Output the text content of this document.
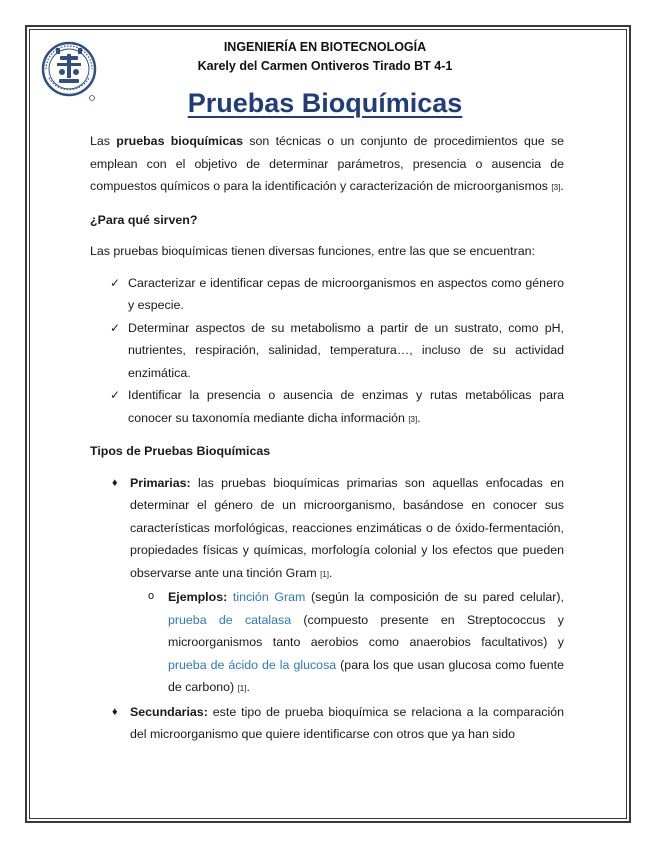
INGENIERÍA EN BIOTECNOLOGÍA
Karely del Carmen Ontiveros Tirado BT 4-1
Pruebas Bioquímicas

Las pruebas bioquímicas son técnicas o un conjunto de procedimientos que se emplean con el objetivo de determinar parámetros, presencia o ausencia de compuestos químicos o para la identificación y caracterización de microorganismos [3].

¿Para qué sirven?

Las pruebas bioquímicas tienen diversas funciones, entre las que se encuentran:

✓ Caracterizar e identificar cepas de microorganismos en aspectos como género y especie.
✓ Determinar aspectos de su metabolismo a partir de un sustrato, como pH, nutrientes, respiración, salinidad, temperatura…, incluso de su actividad enzimática.
✓ Identificar la presencia o ausencia de enzimas y rutas metabólicas para conocer su taxonomía mediante dicha información [3].

Tipos de Pruebas Bioquímicas

♦ Primarias: las pruebas bioquímicas primarias son aquellas enfocadas en determinar el género de un microorganismo, basándose en conocer sus características morfológicas, reacciones enzimáticas o de óxido-fermentación, propiedades físicas y químicas, morfología colonial y los efectos que pueden observarse ante una tinción Gram [1].
o Ejemplos: tinción Gram (según la composición de su pared celular), prueba de catalasa (compuesto presente en Streptococcus y microorganismos tanto aerobios como anaerobios facultativos) y prueba de ácido de la glucosa (para los que usan glucosa como fuente de carbono) [1].
♦ Secundarias: este tipo de prueba bioquímica se relaciona a la comparación del microorganismo que quiere identificarse con otros que ya han sido
